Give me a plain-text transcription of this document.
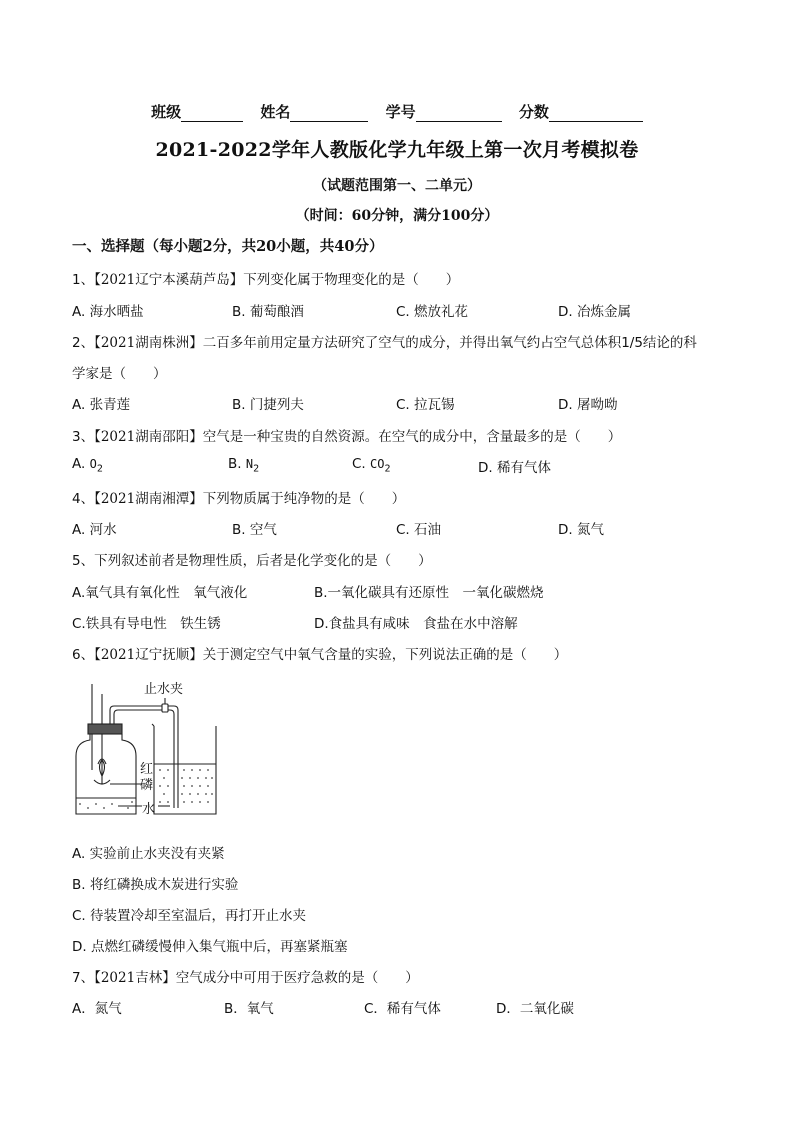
班级	姓名	学号	分数
2021-2022学年人教版化学九年级上第一次月考模拟卷
（试题范围第一、二单元）
（时间：60分钟，满分100分）
一、选择题（每小题2分，共20小题，共40分）
1、【2021辽宁本溪葫芦岛】下列变化属于物理变化的是（　　）
A. 海水晒盐	B. 葡萄酿酒	C. 燃放礼花	D. 冶炼金属
2、【2021湖南株洲】二百多年前用定量方法研究了空气的成分，并得出氧气约占空气总体积1/5结论的科
学家是（　　）
A. 张青莲	B. 门捷列夫	C. 拉瓦锡	D. 屠呦呦
3、【2021湖南邵阳】空气是一种宝贵的自然资源。在空气的成分中，含量最多的是（　　）
A. $O_2$	B. $N_2$	C. $CO_2$	D. 稀有气体
4、【2021湖南湘潭】下列物质属于纯净物的是（　　）
A. 河水	B. 空气	C. 石油	D. 氮气
5、下列叙述前者是物理性质，后者是化学变化的是（　　）
A.氧气具有氧化性　氧气液化	B.一氧化碳具有还原性　一氧化碳燃烧
C.铁具有导电性　铁生锈	D.食盐具有咸味　食盐在水中溶解
6、【2021辽宁抚顺】关于测定空气中氧气含量的实验，下列说法正确的是（　　）
止水夹
红磷
水
A. 实验前止水夹没有夹紧
B. 将红磷换成木炭进行实验
C. 待装置冷却至室温后，再打开止水夹
D. 点燃红磷缓慢伸入集气瓶中后，再塞紧瓶塞
7、【2021吉林】空气成分中可用于医疗急救的是（　　）
A．氮气	B．氧气	C．稀有气体	D．二氧化碳
